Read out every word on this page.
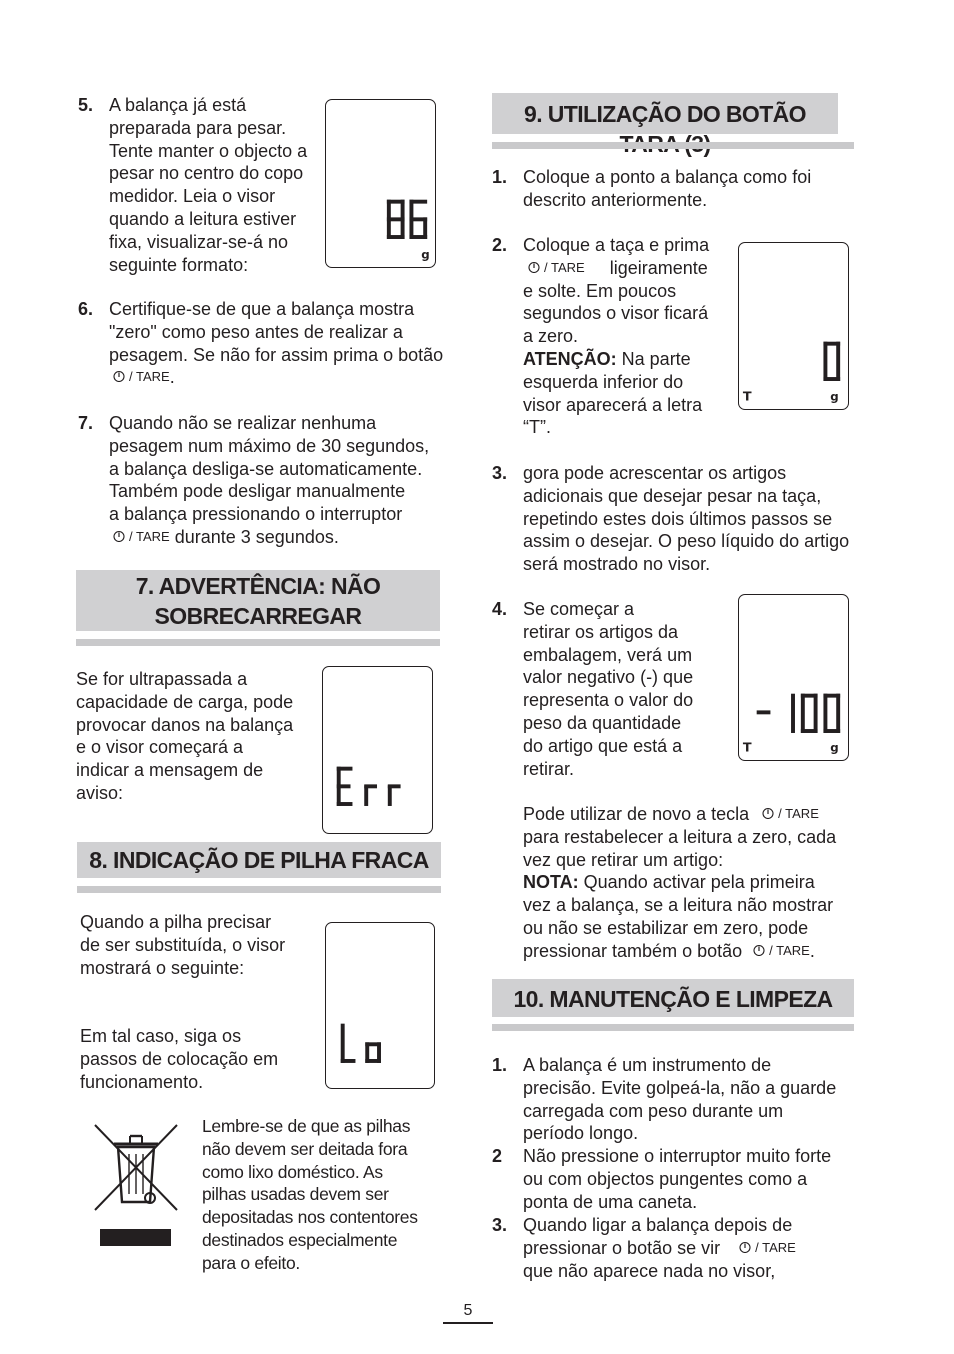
5. A balança já está
preparada para pesar.
Tente manter o objecto a
pesar no centro do copo
medidor. Leia o visor
quando a leitura estiver
fixa, visualizar-se-á no
seguinte formato:	g
6. Certifique-se de que a balança mostra
"zero" como peso antes de realizar a
pesagem. Se não for assim prima o botão
/ TARE.
7. Quando não se realizar nenhuma
pesagem num máximo de 30 segundos,
a balança desliga-se automaticamente.
Também pode desligar manualmente
a balança pressionando o interruptor
/ TARE durante 3 segundos.
7. ADVERTÊNCIA: NÃO
SOBRECARREGAR
Se for ultrapassada a
capacidade de carga, pode
provocar danos na balança
e o visor começará a
indicar a mensagem de
aviso:
8. INDICAÇÃO DE PILHA FRACA
Quando a pilha precisar
de ser substituída, o visor
mostrará o seguinte:
Em tal caso, siga os
passos de colocação em
funcionamento.
Lembre-se de que as pilhas
não devem ser deitada fora
como lixo doméstico. As
pilhas usadas devem ser
depositadas nos contentores
destinados especialmente
para o efeito.
9. UTILIZAÇÃO DO BOTÃO
1. Coloque a ponto a balança como foi
descrito anteriormente.
2. Coloque a taça e prima
/ TARE ligeiramente
e solte. Em poucos
segundos o visor ficará
a zero.
ATENÇÃO: Na parte
esquerda inferior do
visor aparecerá a letra
“T”.
T	g
3. gora pode acrescentar os artigos
adicionais que desejar pesar na taça,
repetindo estes dois últimos passos se
assim o desejar. O peso líquido do artigo
será mostrado no visor.
4. Se começar a
retirar os artigos da
embalagem, verá um
valor negativo (-) que
representa o valor do
peso da quantidade
do artigo que está a
retirar.
T	g
Pode utilizar de novo a tecla / TARE
para restabelecer a leitura a zero, cada
vez que retirar um artigo:
NOTA: Quando activar pela primeira
vez a balança, se a leitura não mostrar
ou não se estabilizar em zero, pode
pressionar também o botão / TARE.
10. MANUTENÇÃO E LIMPEZA
1. A balança é um instrumento de
precisão. Evite golpeá-la, não a guarde
carregada com peso durante um
período longo.
2 Não pressione o interruptor muito forte
ou com objectos pungentes como a
ponta de uma caneta.
3. Quando ligar a balança depois de
pressionar o botão se vir	/ TARE
que não aparece nada no visor,
5
